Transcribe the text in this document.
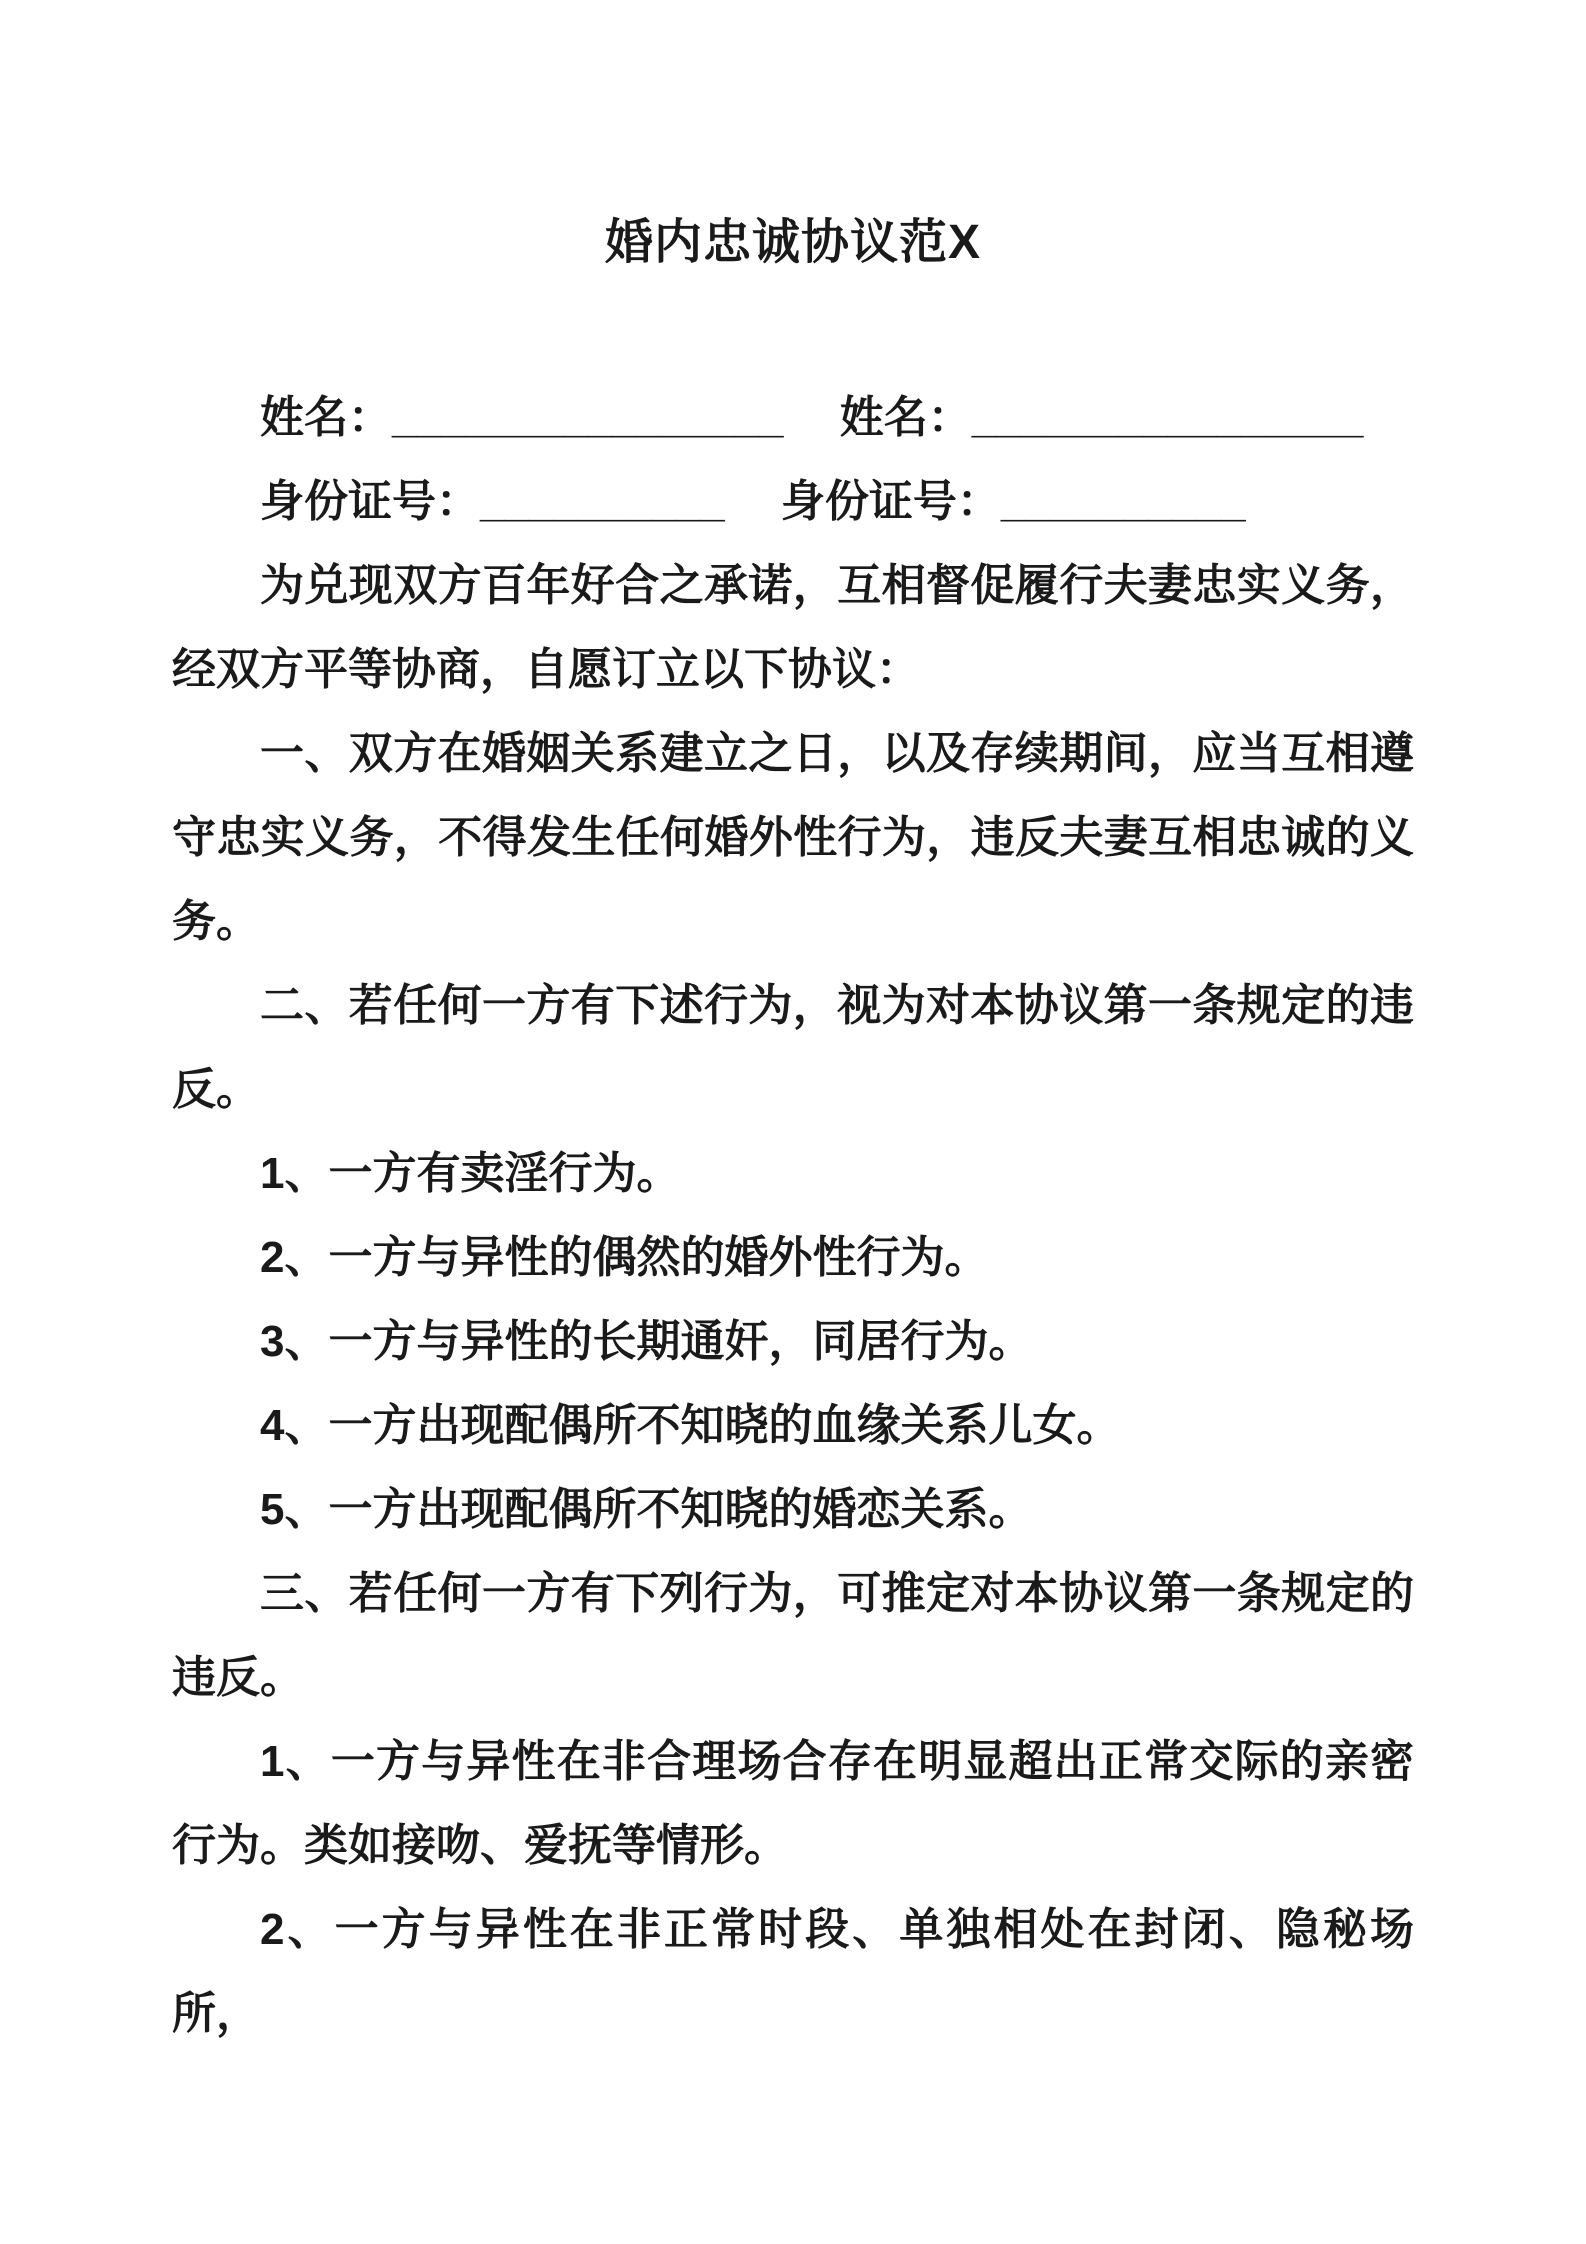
婚内忠诚协议范X

姓名：________________　 姓名：________________

身份证号：__________　 身份证号：__________

为兑现双方百年好合之承诺，互相督促履行夫妻忠实义务，经双方平等协商，自愿订立以下协议：

一、双方在婚姻关系建立之日，以及存续期间，应当互相遵守忠实义务，不得发生任何婚外性行为，违反夫妻互相忠诚的义务。

二、若任何一方有下述行为，视为对本协议第一条规定的违反。

1、一方有卖淫行为。

2、一方与异性的偶然的婚外性行为。

3、一方与异性的长期通奸，同居行为。

4、一方出现配偶所不知晓的血缘关系儿女。

5、一方出现配偶所不知晓的婚恋关系。

三、若任何一方有下列行为，可推定对本协议第一条规定的违反。

1、一方与异性在非合理场合存在明显超出正常交际的亲密行为。类如接吻、爱抚等情形。

2、一方与异性在非正常时段、单独相处在封闭、隐秘场所，
